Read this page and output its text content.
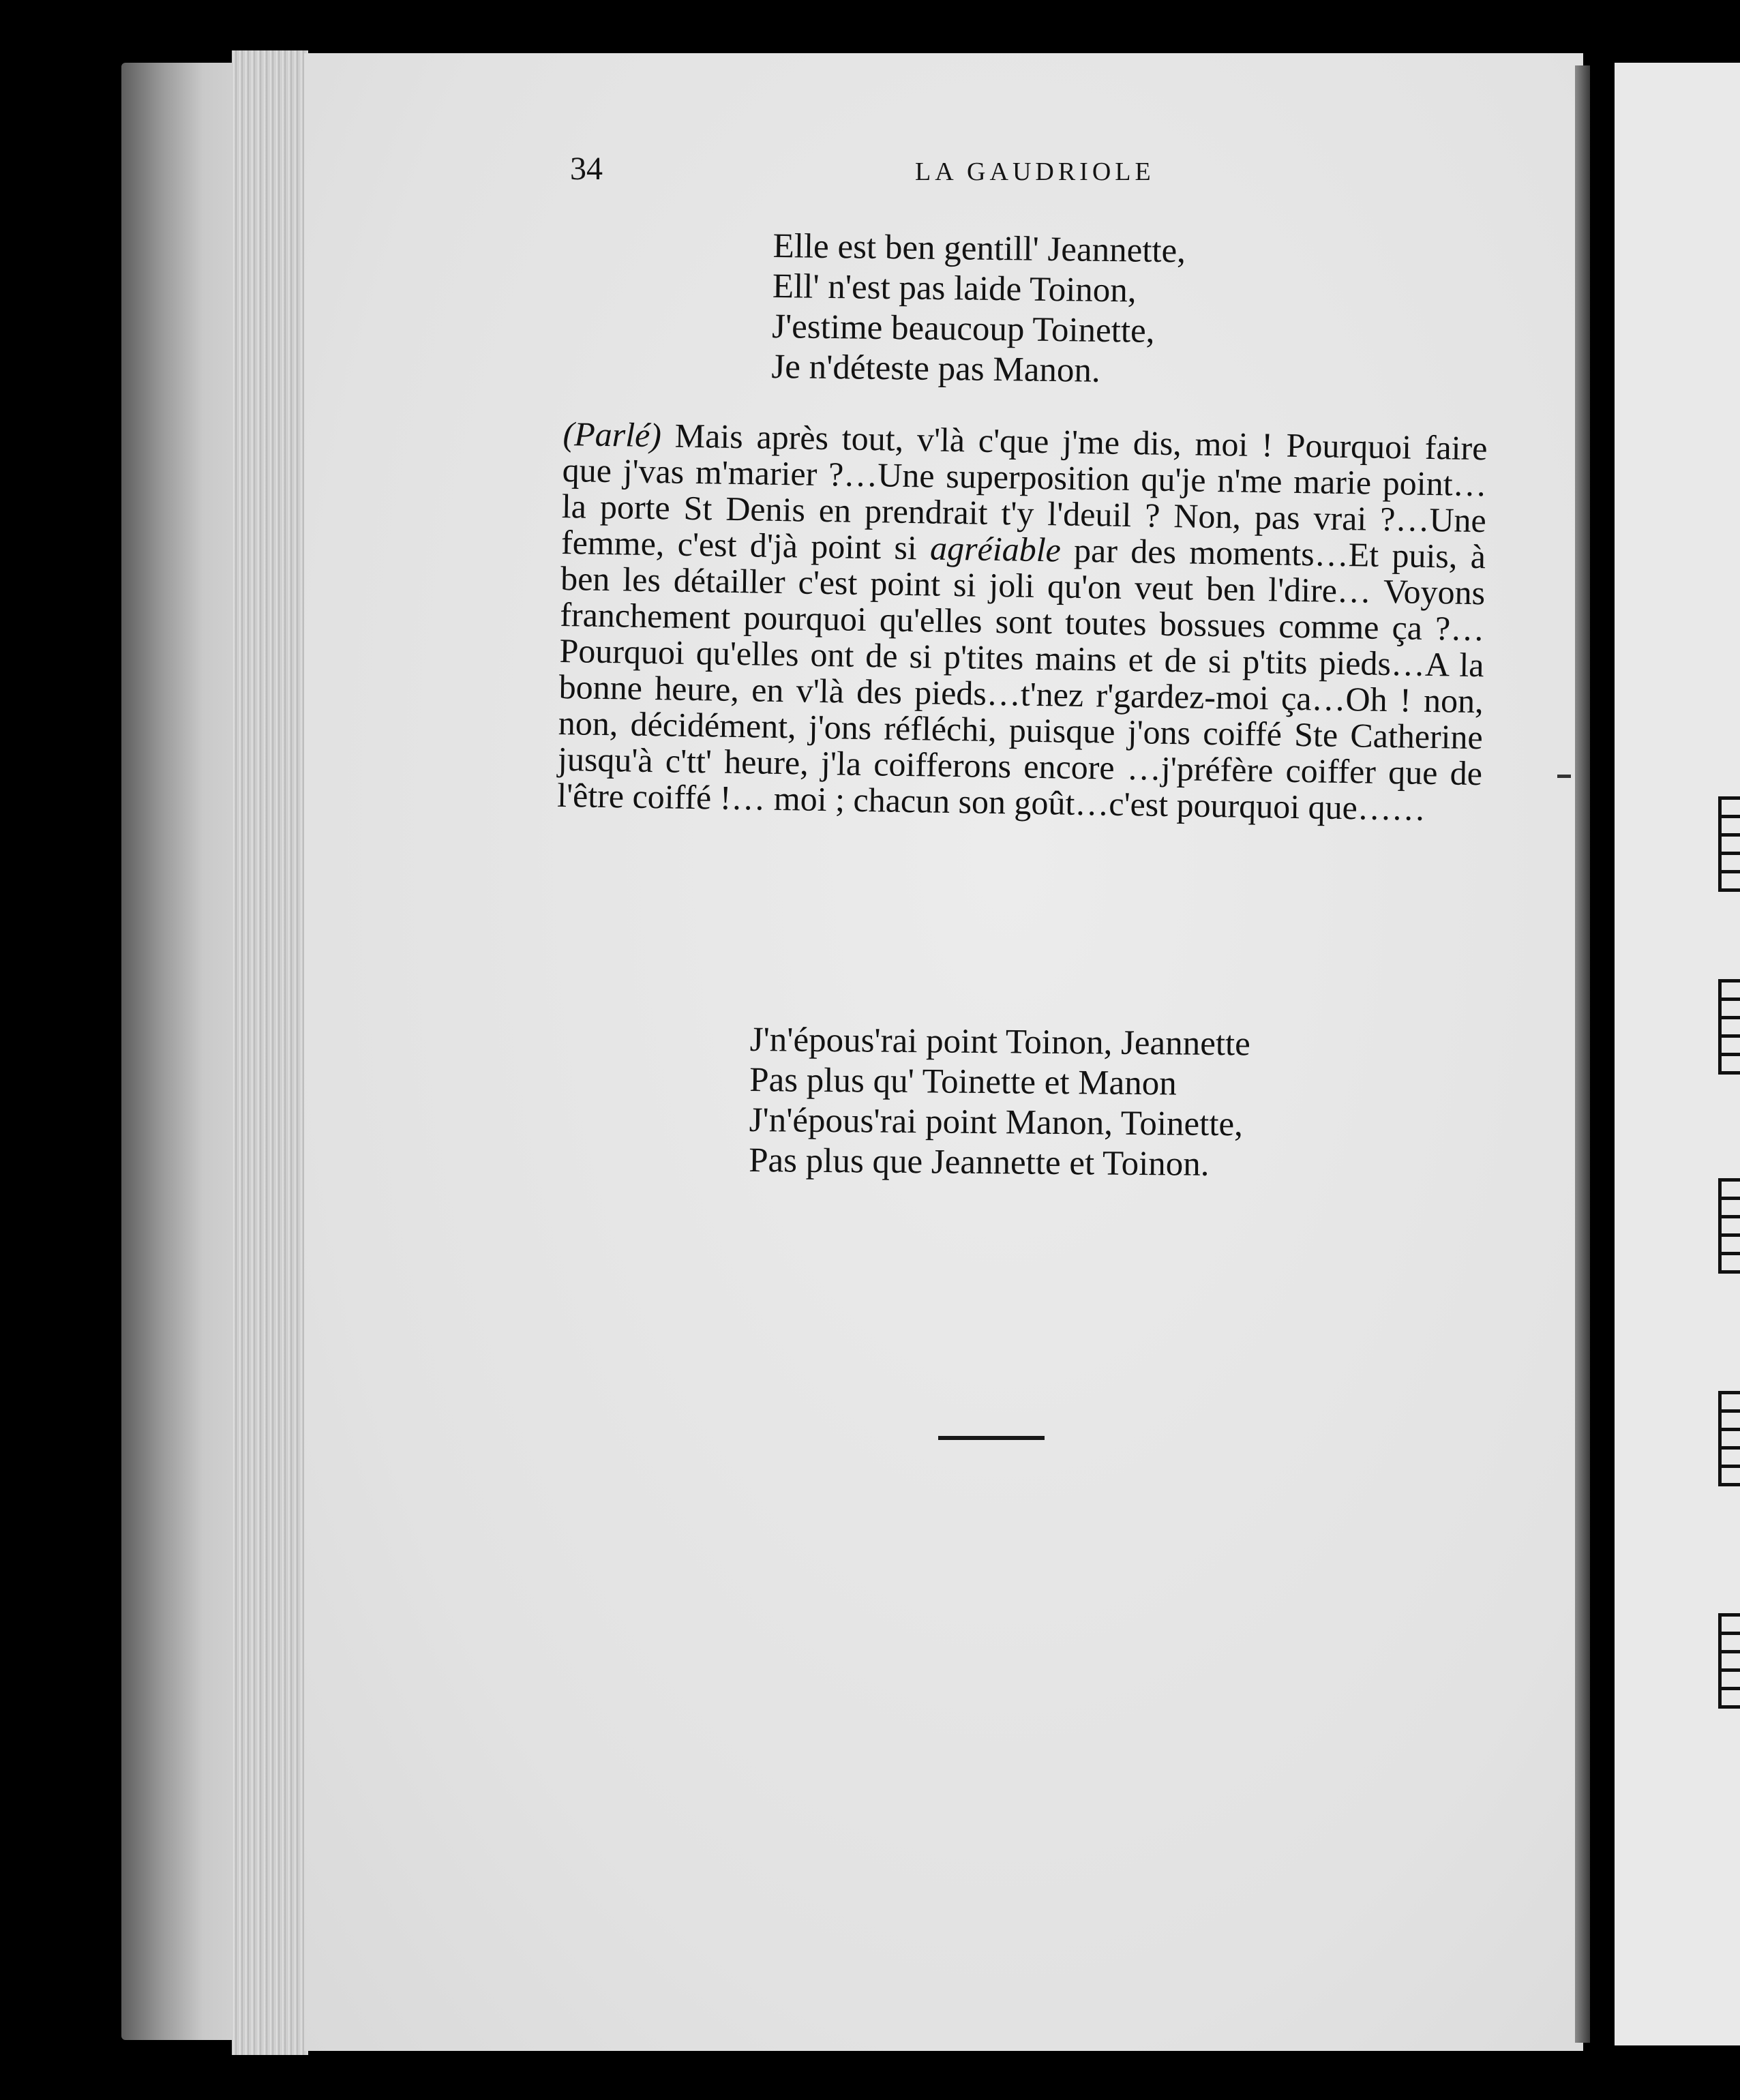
34	LA GAUDRIOLE
Elle est ben gentill' Jeannette,
Ell' n'est pas laide Toinon,
J'estime beaucoup Toinette,
Je n'déteste pas Manon.
(Parlé) Mais après tout, v'là c'que j'me dis, moi ! Pourquoi faire que j'vas m'marier ?…Une superposition qu'je n'me marie point…la porte St Denis en prendrait t'y l'deuil ? Non, pas vrai ?…Une femme, c'est d'jà point si agréiable par des moments…Et puis, à ben les détailler c'est point si joli qu'on veut ben l'dire… Voyons franchement pourquoi qu'elles sont toutes bossues comme ça ?…Pourquoi qu'elles ont de si p'tites mains et de si p'tits pieds…A la bonne heure, en v'là des pieds…t'nez r'gardez-moi ça…Oh ! non, non, décidément, j'ons réfléchi, puisque j'ons coiffé Ste Catherine jusqu'à c'tt' heure, j'la coifferons encore …j'préfère coiffer que de l'être coiffé !… moi ; chacun son goût…c'est pourquoi que……
J'n'épous'rai point Toinon, Jeannette
Pas plus qu' Toinette et Manon
J'n'épous'rai point Manon, Toinette,
Pas plus que Jeannette et Toinon.
